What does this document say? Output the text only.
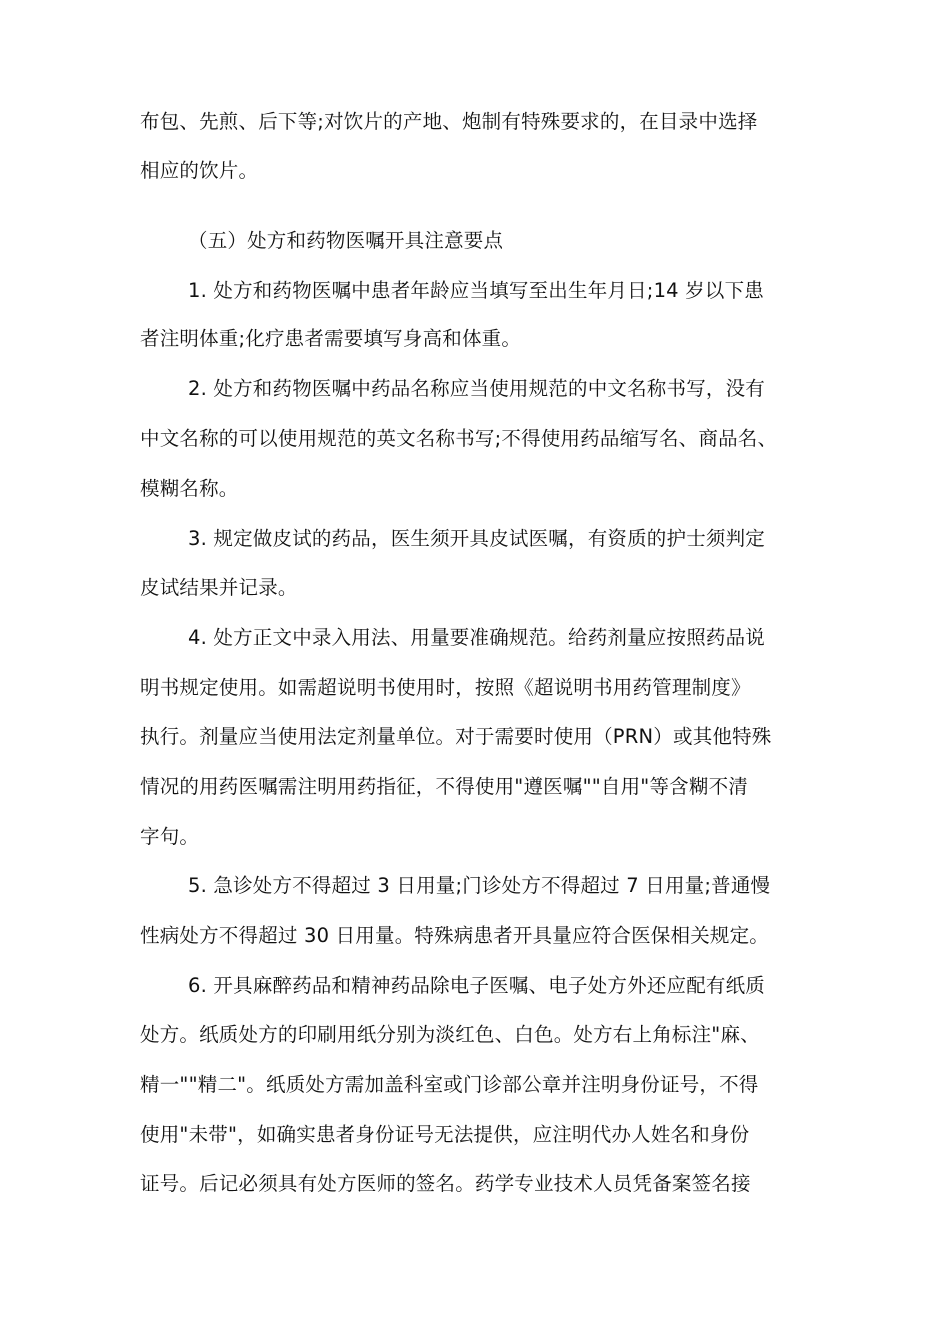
布包、先煎、后下等;对饮片的产地、炮制有特殊要求的，在目录中选择

相应的饮片。

（五）处方和药物医嘱开具注意要点

1. 处方和药物医嘱中患者年龄应当填写至出生年月日;14 岁以下患

者注明体重;化疗患者需要填写身高和体重。

2. 处方和药物医嘱中药品名称应当使用规范的中文名称书写，没有

中文名称的可以使用规范的英文名称书写;不得使用药品缩写名、商品名、

模糊名称。

3. 规定做皮试的药品，医生须开具皮试医嘱，有资质的护士须判定

皮试结果并记录。

4. 处方正文中录入用法、用量要准确规范。给药剂量应按照药品说

明书规定使用。如需超说明书使用时，按照《超说明书用药管理制度》

执行。剂量应当使用法定剂量单位。对于需要时使用（PRN）或其他特殊

情况的用药医嘱需注明用药指征，不得使用"遵医嘱""自用"等含糊不清

字句。

5. 急诊处方不得超过 3 日用量;门诊处方不得超过 7 日用量;普通慢

性病处方不得超过 30 日用量。特殊病患者开具量应符合医保相关规定。

6. 开具麻醉药品和精神药品除电子医嘱、电子处方外还应配有纸质

处方。纸质处方的印刷用纸分别为淡红色、白色。处方右上角标注"麻、

精一""精二"。纸质处方需加盖科室或门诊部公章并注明身份证号，不得

使用"未带"，如确实患者身份证号无法提供，应注明代办人姓名和身份

证号。后记必须具有处方医师的签名。药学专业技术人员凭备案签名接
